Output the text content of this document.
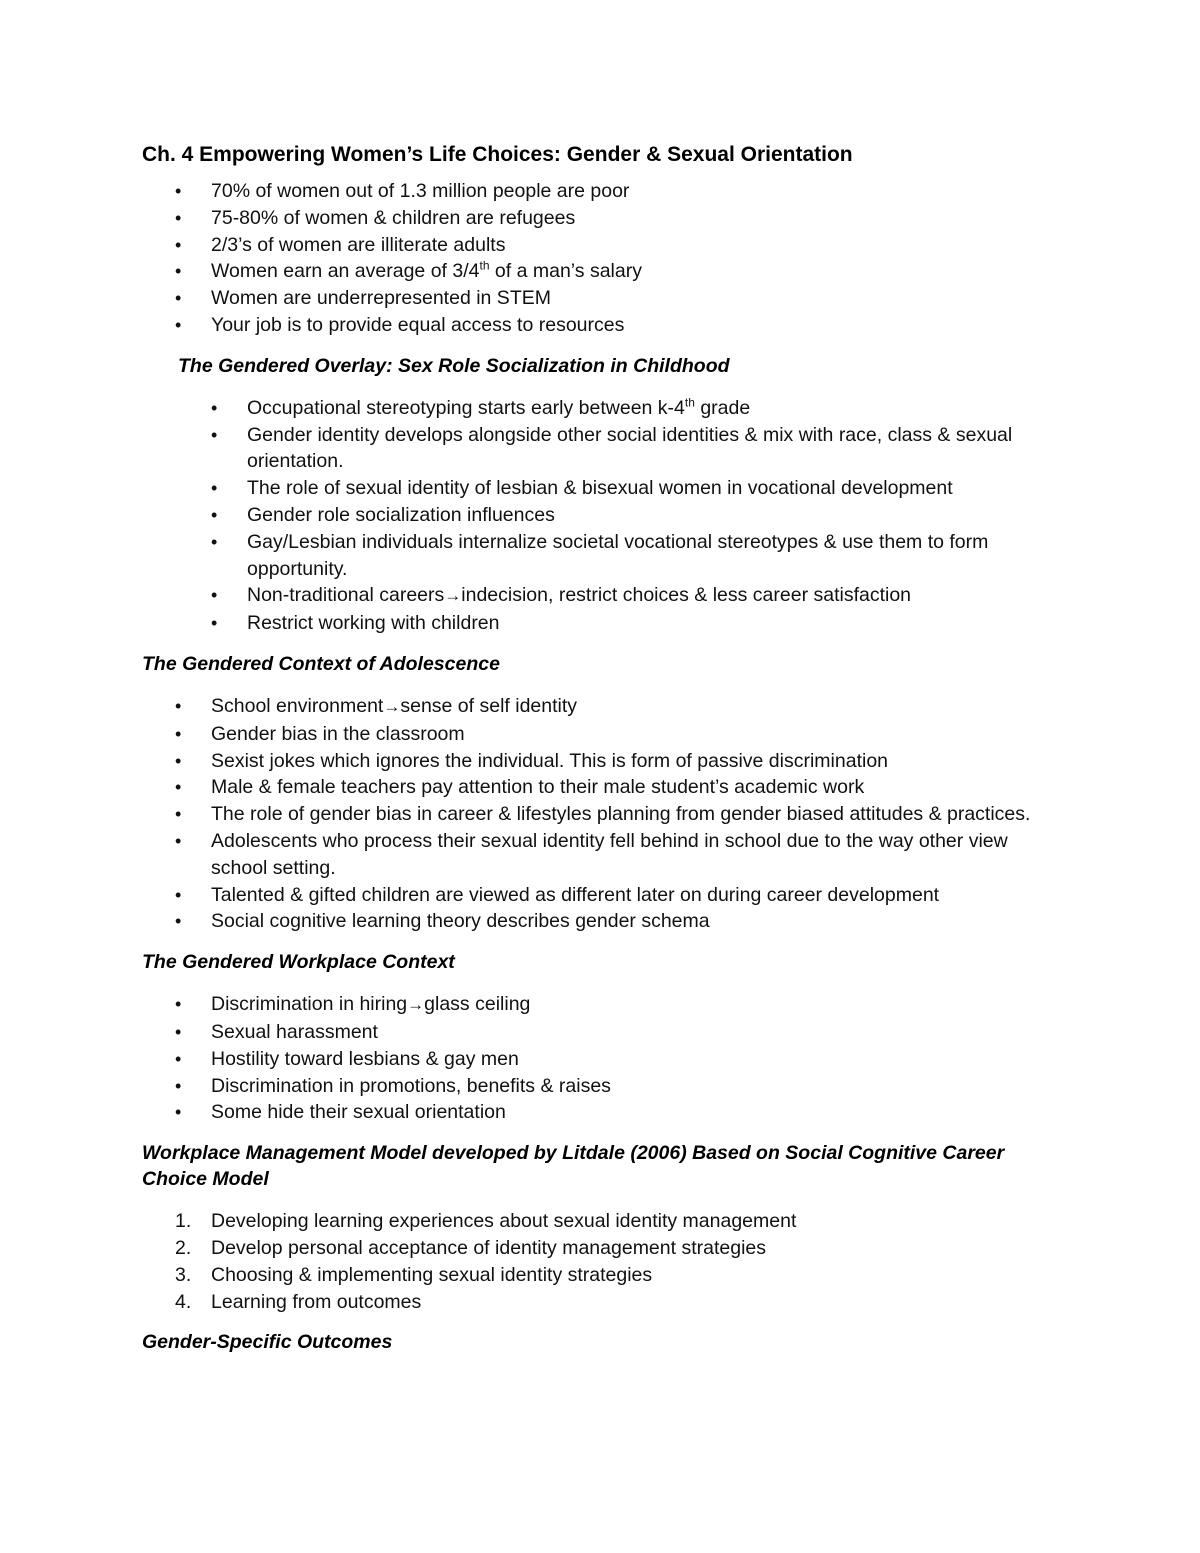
Ch. 4 Empowering Women’s Life Choices: Gender & Sexual Orientation
• 70% of women out of 1.3 million people are poor
• 75-80% of women & children are refugees
• 2/3’s of women are illiterate adults
• Women earn an average of 3/4th of a man’s salary
• Women are underrepresented in STEM
• Your job is to provide equal access to resources
The Gendered Overlay: Sex Role Socialization in Childhood
• Occupational stereotyping starts early between k-4th grade
• Gender identity develops alongside other social identities & mix with race, class & sexual orientation.
• The role of sexual identity of lesbian & bisexual women in vocational development
• Gender role socialization influences
• Gay/Lesbian individuals internalize societal vocational stereotypes & use them to form opportunity.
• Non-traditional careers→indecision, restrict choices & less career satisfaction
• Restrict working with children
The Gendered Context of Adolescence
• School environment→sense of self identity
• Gender bias in the classroom
• Sexist jokes which ignores the individual. This is form of passive discrimination
• Male & female teachers pay attention to their male student’s academic work
• The role of gender bias in career & lifestyles planning from gender biased attitudes & practices.
• Adolescents who process their sexual identity fell behind in school due to the way other view school setting.
• Talented & gifted children are viewed as different later on during career development
• Social cognitive learning theory describes gender schema
The Gendered Workplace Context
• Discrimination in hiring→glass ceiling
• Sexual harassment
• Hostility toward lesbians & gay men
• Discrimination in promotions, benefits & raises
• Some hide their sexual orientation
Workplace Management Model developed by Litdale (2006) Based on Social Cognitive Career Choice Model
1. Developing learning experiences about sexual identity management
2. Develop personal acceptance of identity management strategies
3. Choosing & implementing sexual identity strategies
4. Learning from outcomes
Gender-Specific Outcomes
